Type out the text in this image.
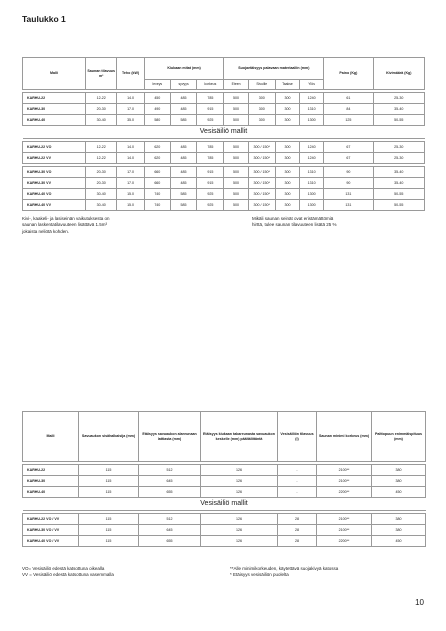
Taulukko 1
Malli	Saunan tilavuus m³	Teho (kW)	Kiukaan mitat (mm)			Suojaetäisyys palavaan materiaaliin (mm)				Paino (Kg)	Kivimäärä (Kg)
			leveys	syvyys	korkeus	Eteen	Sivuille	Taakse	Ylös		

KARHU-22	12-22	14.0	450	485	785	500	300	300	1240	61	25-30
KARHU-30	20-30	17.0	490	485	915	500	300	300	1310	84	35-40
KARHU-40	30-40	35.0	580	585	925	500	300	300	1300	125	50-55
Vesisäiliö mallit											

KARHU-22 VO	12-22	14.0	620	485	785	500	300 / 150*	300	1240	67	25-30
KARHU-22 VV	12-22	14.0	620	485	785	500	300 / 150*	300	1240	67	25-30

KARHU-30 VO	20-30	17.0	660	485	915	500	300 / 150*	300	1310	90	35-40
KARHU-30 VV	20-30	17.0	660	485	915	500	300 / 150*	300	1310	90	35-40
KARHU-40 VO	30-40	15.0	740	585	925	500	300 / 150*	300	1300	131	50-55
KARHU-40 VV	30-40	15.0	740	585	925	500	300 / 150*	300	1300	131	50-55
Kivi-, kaakeli- ja lasiseinän vaikutuksesta on
saunan laskentatilavuuteen lisättävä 1.5m³
jokaista neliötä kohden.
Mikäli saunan seinät ovat eristämättömiä
hirttä, tulee saunan tilavuuteen lisätä 25 %
Malli	Savuaukon sisähalkaisija (mm)	Etäisyys savuaukon alareunaan lattiasta (mm)	Etäisyys kiukaan takareunasta savuaukon keskelle (mm) päältäliitäntä	Vesisäiliön tilavuus (l)	Saunan minimi korkeus (mm)	Palttopuun enimmäispituus (mm)

KARHU-22	115	512	126	-	2100**	380
KARHU-30	115	645	126	-	2100**	380
KARHU-40	115	655	126	-	2200**	450
Vesisäiliö mallit						

KARHU-22 VO / VV	115	512	126	28	2100**	380
KARHU-30 VO / VV	115	645	126	28	2100**	380
KARHU-40 VO / VV	115	655	126	28	2200**	450
VO= Vesisäiliö edestä katsottuna oikealla
VV = Vesisäiliö edestä katsottuna vasemmalla
**Alle minimikorkeuden, käytettävä suojakivyä katossa
* Etäisyys vesisäiliön puolelta
10
